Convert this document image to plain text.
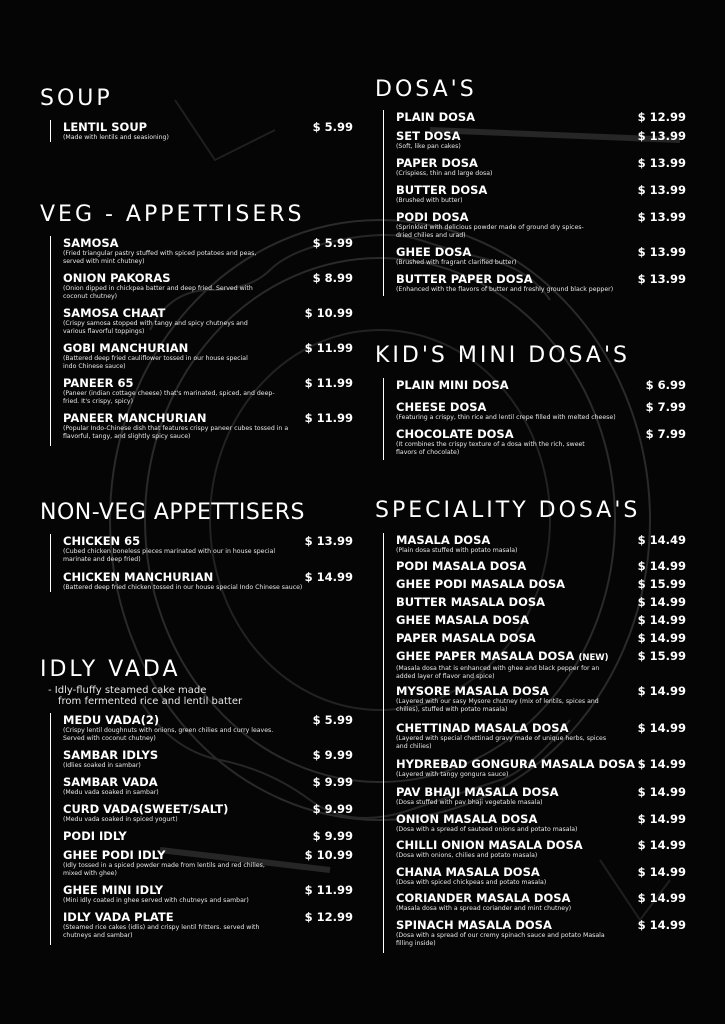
SOUP
LENTIL SOUP
(Made with lentils and seasioning)
$ 5.99
VEG - APPETTISERS
SAMOSA
(Fried triangular pastry stuffed with spiced potatoes and peas, served with mint chutney)
$ 5.99
ONION PAKORAS
(Onion dipped in chickpea batter and deep fried. Served with coconut chutney)
$ 8.99
SAMOSA CHAAT
(Crispy samosa stopped with tangy and spicy chutneys and various flavorful toppings)
$ 10.99
GOBI MANCHURIAN
(Battered deep fried cauliflower tossed in our house special indo Chinese sauce)
$ 11.99
PANEER 65
(Paneer (indian cottage cheese) that's marinated, spiced, and deep-fried. It's crispy, spicy)
$ 11.99
PANEER MANCHURIAN
(Popular Indo-Chinese dish that features crispy paneer cubes tossed in a flavorful, tangy, and slightly spicy sauce)
$ 11.99
NON-VEG APPETTISERS
CHICKEN 65
(Cubed chicken boneless pieces marinated with our in house special marinate and deep fried)
$ 13.99
CHICKEN MANCHURIAN
(Battered deep fried chicken tossed in our house special Indo Chinese sauce)
$ 14.99
IDLY VADA
- Idly-fluffy steamed cake made
from fermented rice and lentil batter
MEDU VADA(2)
(Crispy lentil doughnuts with onions, green chilies and curry leaves. Served with coconut chutney)
$ 5.99
SAMBAR IDLYS
(Idlies soaked in sambar)
$ 9.99
SAMBAR VADA
(Medu vada soaked in sambar)
$ 9.99
CURD VADA(SWEET/SALT)
(Medu vada soaked in spiced yogurt)
$ 9.99
PODI IDLY	$ 9.99
GHEE PODI IDLY
(Idly tossed in a spiced powder made from lentils and red chilies, mixed with ghee)
$ 10.99
GHEE MINI IDLY
(Mini idly coated in ghee served with chutneys and sambar)
$ 11.99
IDLY VADA PLATE
(Steamed rice cakes (idlis) and crispy lentil fritters. served with chutneys and sambar)
$ 12.99
DOSA'S
PLAIN DOSA	$ 12.99
SET DOSA
(Soft, like pan cakes)
$ 13.99
PAPER DOSA
(Crispiess, thin and large dosa)
$ 13.99
BUTTER DOSA
(Brushed with butter)
$ 13.99
PODI DOSA
(Sprinkled with delicious powder made of ground dry spices- dried chilies and urad)
$ 13.99
GHEE DOSA
(Brushed with fragrant clarified butter)
$ 13.99
BUTTER PAPER DOSA
(Enhanced with the flavors of butter and freshly ground black pepper)
$ 13.99
KID'S MINI DOSA'S
PLAIN MINI DOSA	$ 6.99
CHEESE DOSA
(Featuring a crispy, thin rice and lentil crepe filled with melted cheese)
$ 7.99
CHOCOLATE DOSA
(It combines the crispy texture of a dosa with the rich, sweet flavors of chocolate)
$ 7.99
SPECIALITY DOSA'S
MASALA DOSA
(Plain dosa stuffed with potato masala)
$ 14.49
PODI MASALA DOSA	$ 14.99
GHEE PODI MASALA DOSA	$ 15.99
BUTTER MASALA DOSA	$ 14.99
GHEE MASALA DOSA	$ 14.99
PAPER MASALA DOSA	$ 14.99
GHEE PAPER MASALA DOSA (NEW)
(Masala dosa that is enhanced with ghee and black pepper for an added layer of flavor and spice)
$ 15.99
MYSORE MASALA DOSA
(Layered with our sasy Mysore chutney (mix of lentils, spices and chilies), stuffed with potato masala)
$ 14.99
CHETTINAD MASALA DOSA
(Layered with special chettinad gravy made of unique herbs, spices and chilies)
$ 14.99
HYDREBAD GONGURA MASALA DOSA
(Layered with tangy gongura sauce)
$ 14.99
PAV BHAJI MASALA DOSA
(Dosa stuffed with pav bhaji vegetable masala)
$ 14.99
ONION MASALA DOSA
(Dosa with a spread of sauteed onions and potato masala)
$ 14.99
CHILLI ONION MASALA DOSA
(Dosa with onions, chilies and potato masala)
$ 14.99
CHANA MASALA DOSA
(Dosa with spiced chickpeas and potato masala)
$ 14.99
CORIANDER MASALA DOSA
(Masala dosa with a spread coriander and mint chutney)
$ 14.99
SPINACH MASALA DOSA
(Dosa with a spread of our cremy spinach sauce and potato Masala filling inside)
$ 14.99
